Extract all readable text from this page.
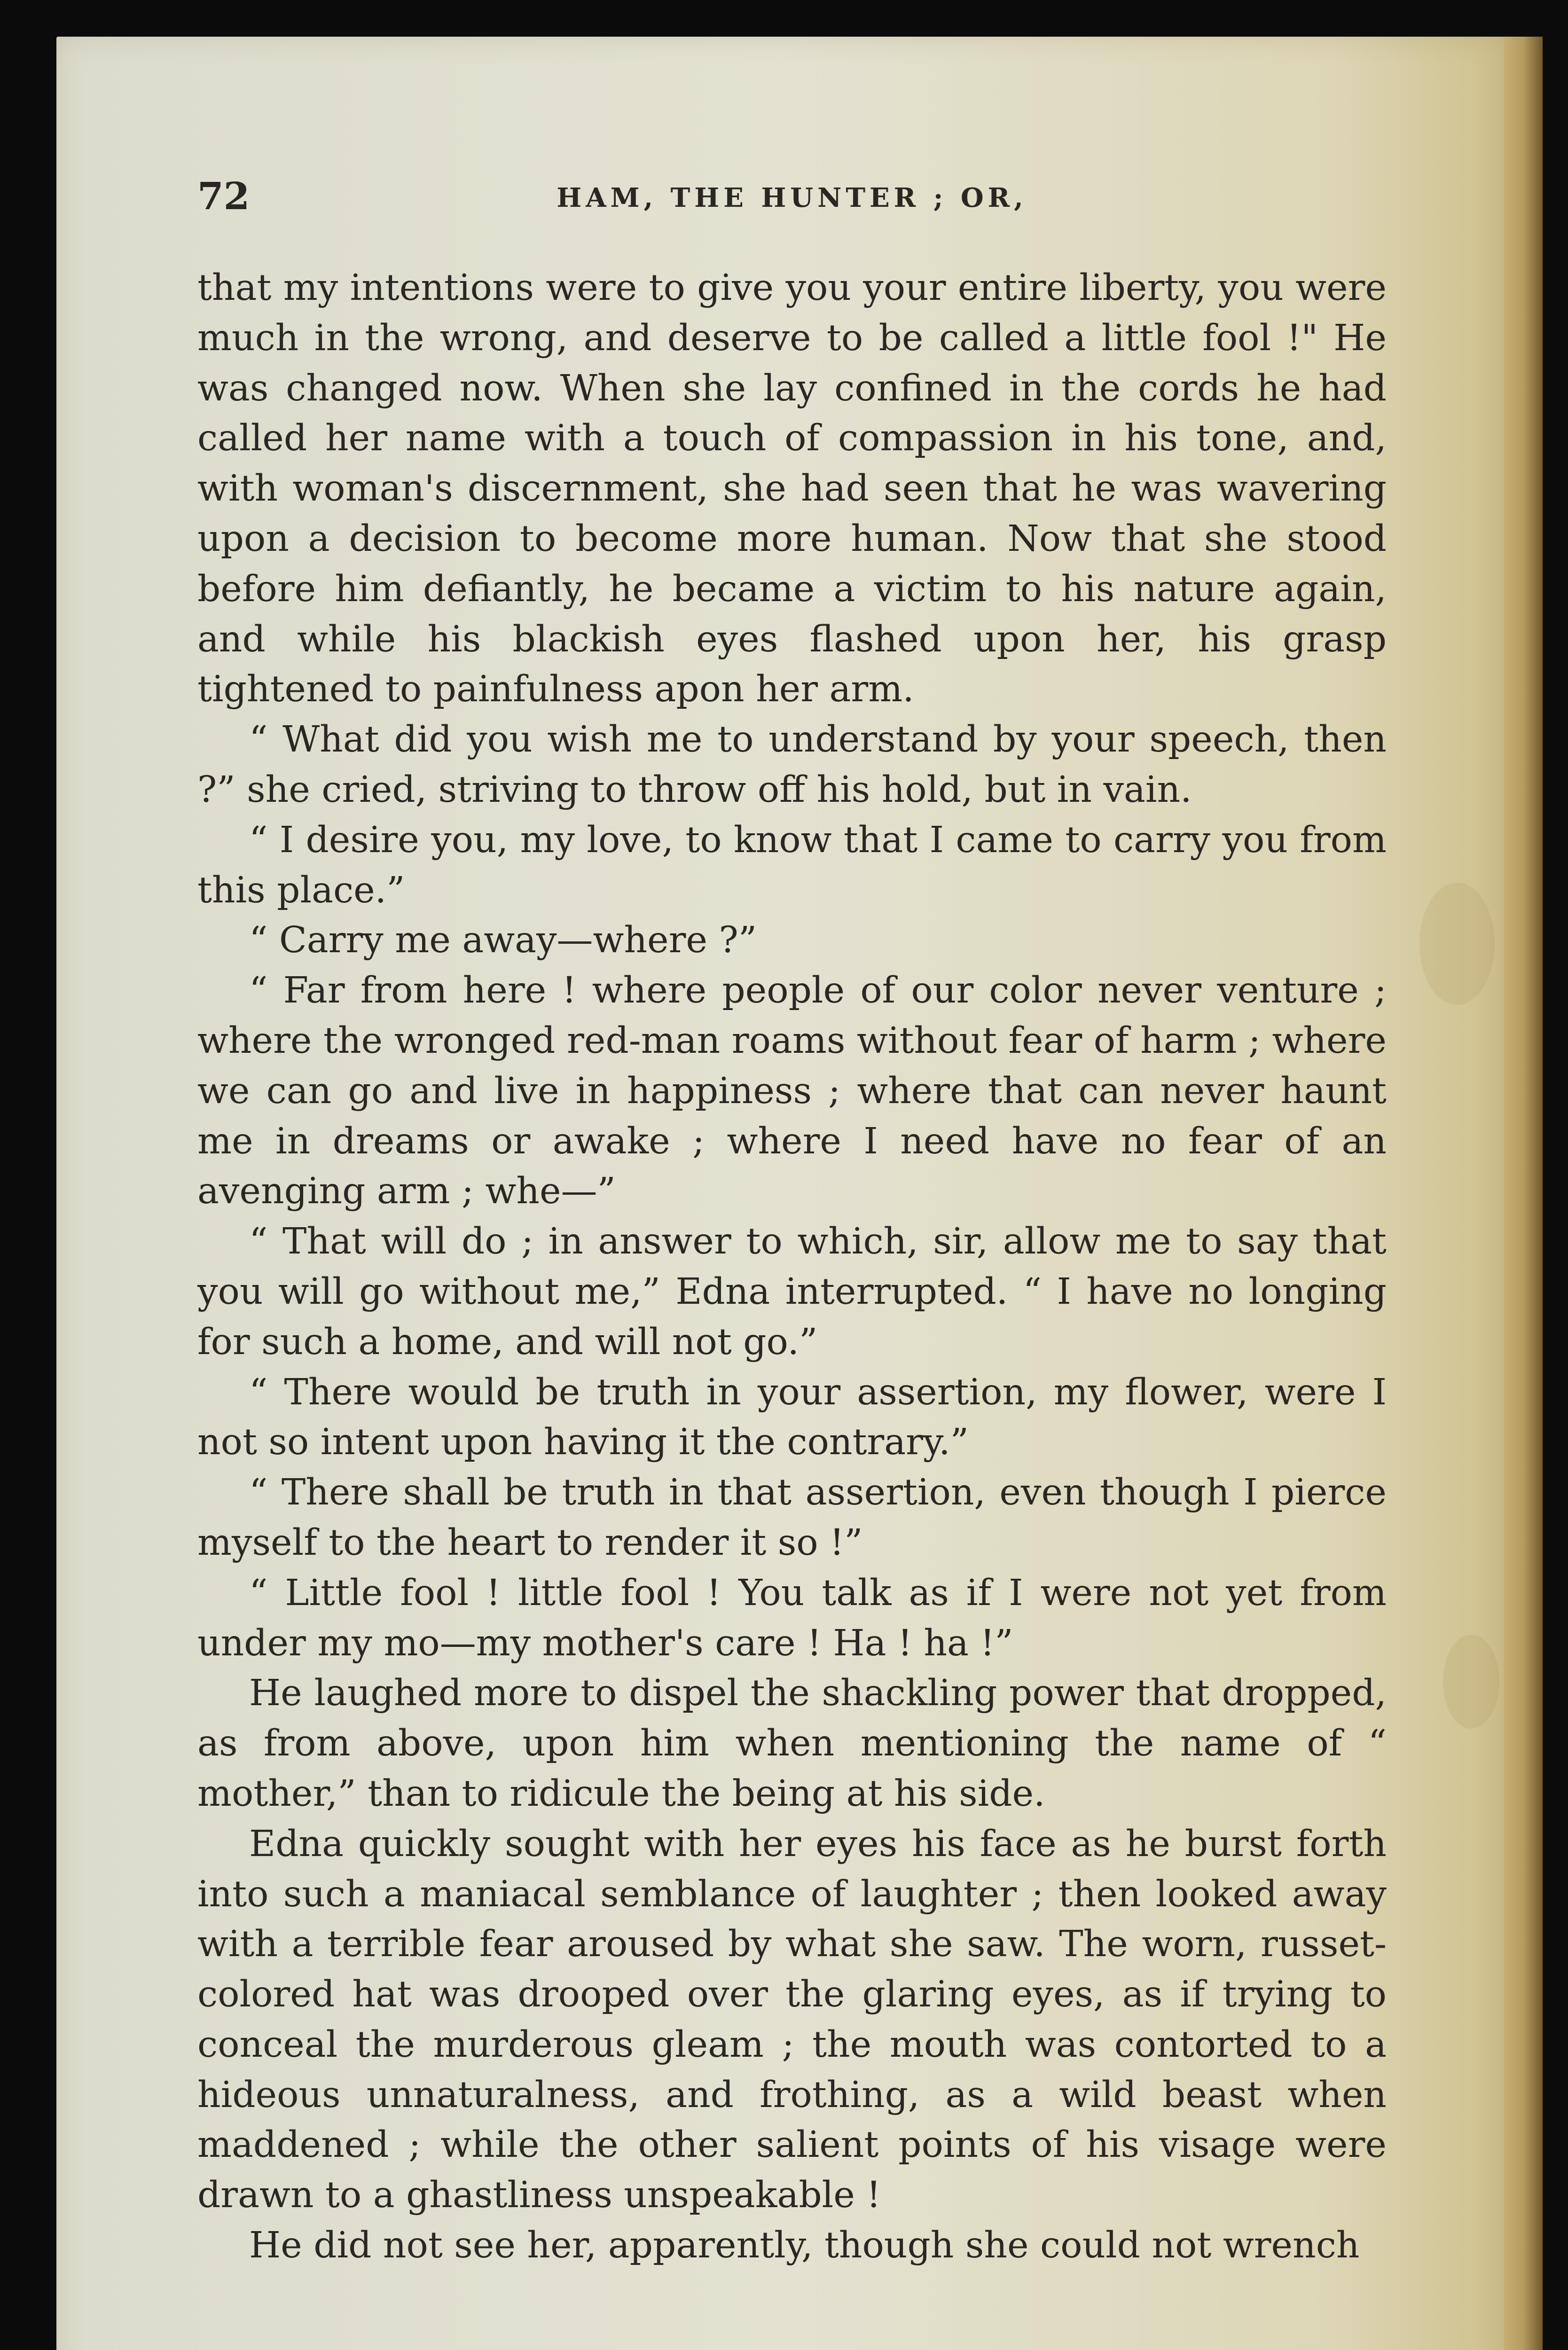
72	HAM, THE HUNTER ; OR,

that my intentions were to give you your entire liberty, you were much in the wrong, and deserve to be called a little fool !" He was changed now. When she lay confined in the cords he had called her name with a touch of compassion in his tone, and, with woman's discernment, she had seen that he was wavering upon a decision to become more human. Now that she stood before him defiantly, he became a victim to his nature again, and while his blackish eyes flashed upon her, his grasp tightened to painfulness apon her arm.

“ What did you wish me to understand by your speech, then ?” she cried, striving to throw off his hold, but in vain.

“ I desire you, my love, to know that I came to carry you from this place.”

“ Carry me away—where ?”

“ Far from here ! where people of our color never venture ; where the wronged red-man roams without fear of harm ; where we can go and live in happiness ; where that can never haunt me in dreams or awake ; where I need have no fear of an avenging arm ; whe—”

“ That will do ; in answer to which, sir, allow me to say that you will go without me,” Edna interrupted. “ I have no longing for such a home, and will not go.”

“ There would be truth in your assertion, my flower, were I not so intent upon having it the contrary.”

“ There shall be truth in that assertion, even though I pierce myself to the heart to render it so !”

“ Little fool ! little fool ! You talk as if I were not yet from under my mo—my mother's care ! Ha ! ha !”

He laughed more to dispel the shackling power that dropped, as from above, upon him when mentioning the name of “ mother,” than to ridicule the being at his side.

Edna quickly sought with her eyes his face as he burst forth into such a maniacal semblance of laughter ; then looked away with a terrible fear aroused by what she saw. The worn, russet-colored hat was drooped over the glaring eyes, as if trying to conceal the murderous gleam ; the mouth was contorted to a hideous unnaturalness, and frothing, as a wild beast when maddened ; while the other salient points of his visage were drawn to a ghastliness unspeakable !

He did not see her, apparently, though she could not wrench
